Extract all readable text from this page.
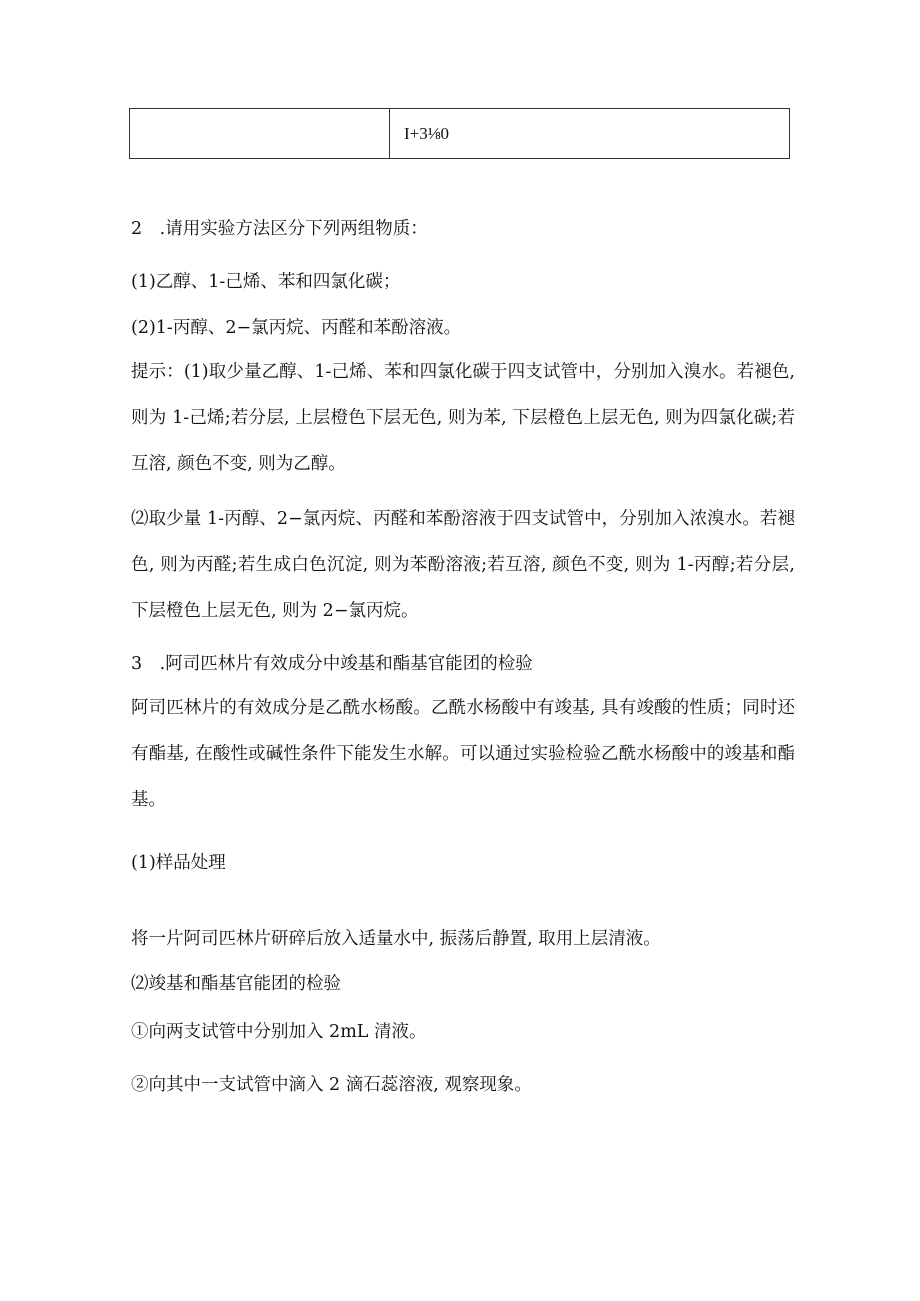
	I+3⅛0
2 .请用实验方法区分下列两组物质：
(1)乙醇、1-己烯、苯和四氯化碳；
(2)1-丙醇、2−氯丙烷、丙醛和苯酚溶液。
提示：(1)取少量乙醇、1-己烯、苯和四氯化碳于四支试管中，分别加入溴水。若褪色, 则为 1-己烯;若分层, 上层橙色下层无色, 则为苯, 下层橙色上层无色, 则为四氯化碳;若互溶, 颜色不变, 则为乙醇。
⑵取少量 1-丙醇、2−氯丙烷、丙醛和苯酚溶液于四支试管中，分别加入浓溴水。若褪色, 则为丙醛;若生成白色沉淀, 则为苯酚溶液;若互溶, 颜色不变, 则为 1-丙醇;若分层, 下层橙色上层无色, 则为 2−氯丙烷。
3 .阿司匹林片有效成分中竣基和酯基官能团的检验
阿司匹林片的有效成分是乙酰水杨酸。乙酰水杨酸中有竣基, 具有竣酸的性质；同时还有酯基, 在酸性或碱性条件下能发生水解。可以通过实验检验乙酰水杨酸中的竣基和酯基。
(1)样品处理
将一片阿司匹林片研碎后放入适量水中, 振荡后静置, 取用上层清液。
⑵竣基和酯基官能团的检验
①向两支试管中分别加入 2mL 清液。
②向其中一支试管中滴入 2 滴石蕊溶液, 观察现象。
